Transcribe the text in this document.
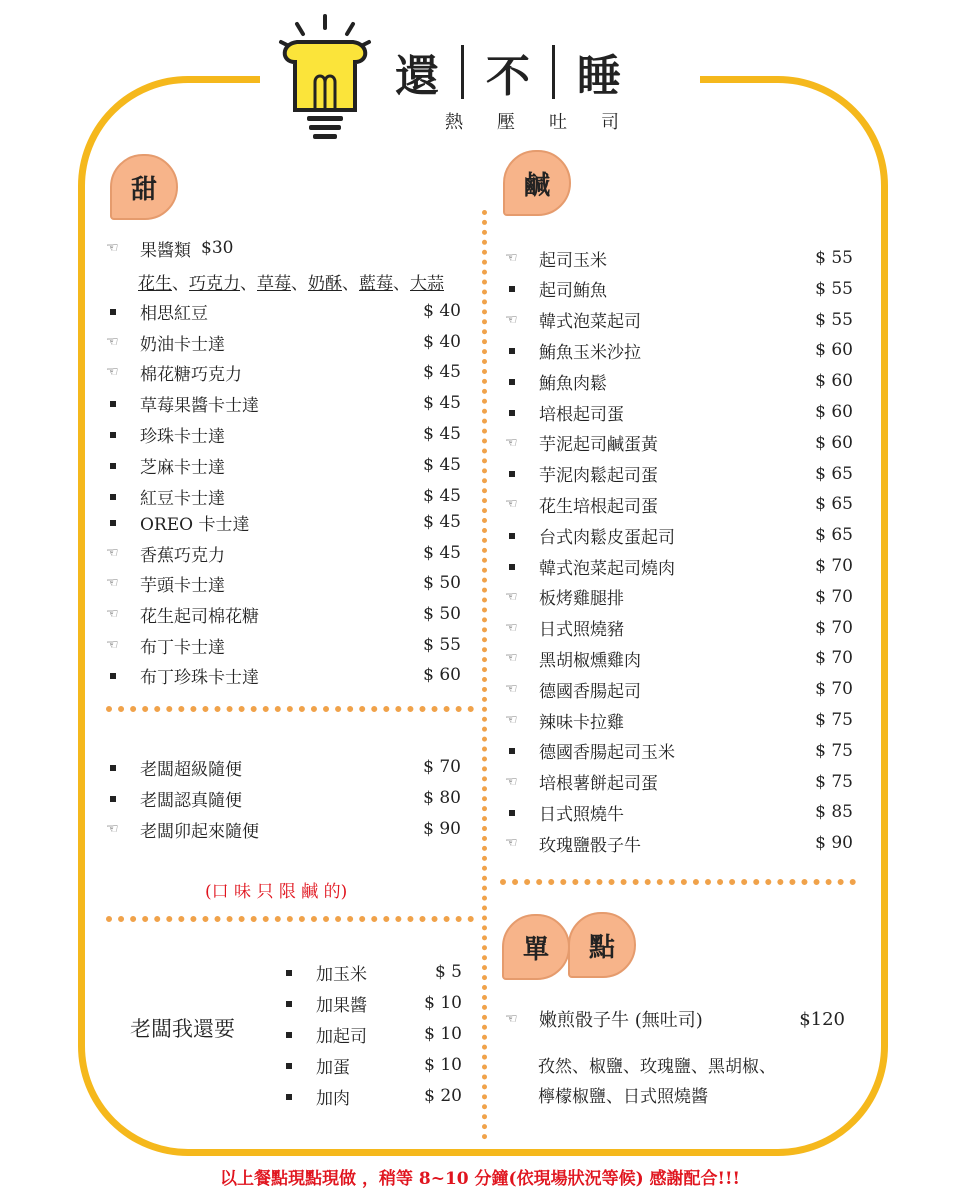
還	不	睡
熱 壓 吐 司
甜	鹹
單	點
☜	果醬類 $30
花生、巧克力、草莓、奶酥、藍莓、大蒜
相思紅豆	$ 40
☜	奶油卡士達	$ 40
☜	棉花糖巧克力	$ 45
草莓果醬卡士達	$ 45
珍珠卡士達	$ 45
芝麻卡士達	$ 45
紅豆卡士達	$ 45
OREO 卡士達	$ 45
☜	香蕉巧克力	$ 45
☜	芋頭卡士達	$ 50
☜	花生起司棉花糖	$ 50
☜	布丁卡士達	$ 55
布丁珍珠卡士達	$ 60
老闆超級隨便	$ 70
老闆認真隨便	$ 80
☜	老闆卯起來隨便	$ 90
(口 味 只 限 鹹 的)
老闆我還要
加玉米	$ 5
加果醬	$ 10
加起司	$ 10
加蛋	$ 10
加肉	$ 20
☜	起司玉米	$ 55
起司鮪魚	$ 55
☜	韓式泡菜起司	$ 55
鮪魚玉米沙拉	$ 60
鮪魚肉鬆	$ 60
培根起司蛋	$ 60
☜	芋泥起司鹹蛋黃	$ 60
芋泥肉鬆起司蛋	$ 65
☜	花生培根起司蛋	$ 65
台式肉鬆皮蛋起司	$ 65
韓式泡菜起司燒肉	$ 70
☜	板烤雞腿排	$ 70
☜	日式照燒豬	$ 70
☜	黑胡椒燻雞肉	$ 70
☜	德國香腸起司	$ 70
☜	辣味卡拉雞	$ 75
德國香腸起司玉米	$ 75
☜	培根薯餅起司蛋	$ 75
日式照燒牛	$ 85
☜	玫瑰鹽骰子牛	$ 90
☜	嫩煎骰子牛 (無吐司)	$120
孜然、椒鹽、玫瑰鹽、黑胡椒、
檸檬椒鹽、日式照燒醬
以上餐點現點現做 ，稍等 8~10 分鐘(依現場狀況等候) 感謝配合!!!
